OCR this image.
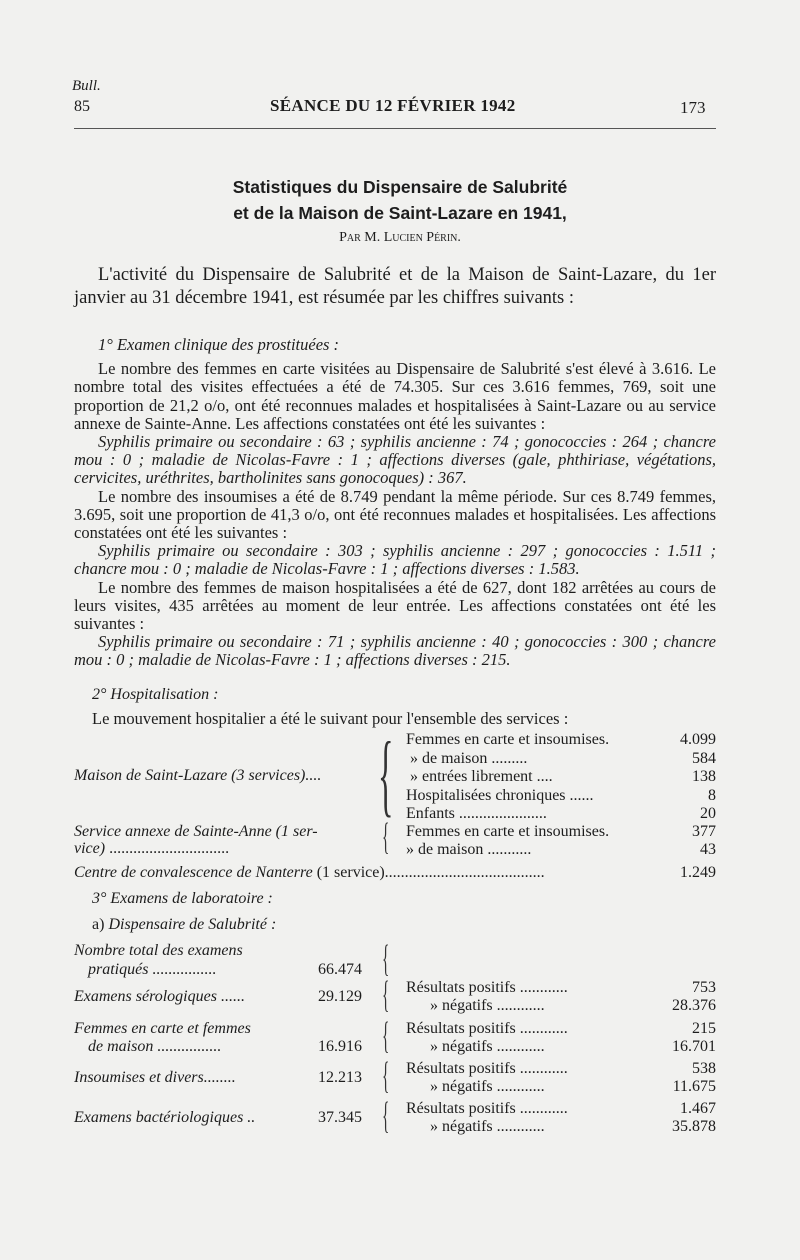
Bull.
85	SÉANCE DU 12 FÉVRIER 1942	173
Statistiques du Dispensaire de Salubrité
et de la Maison de Saint-Lazare en 1941,
Par M. Lucien Périn.
L'activité du Dispensaire de Salubrité et de la Maison de Saint-Lazare, du 1er janvier au 31 décembre 1941, est résumée par les chiffres suivants :
1° Examen clinique des prostituées :
Le nombre des femmes en carte visitées au Dispensaire de Salubrité s'est élevé à 3.616. Le nombre total des visites effectuées a été de 74.305. Sur ces 3.616 femmes, 769, soit une proportion de 21,2 o/o, ont été reconnues malades et hospitalisées à Saint-Lazare ou au service annexe de Sainte-Anne. Les affections constatées ont été les suivantes :
Syphilis primaire ou secondaire : 63 ; syphilis ancienne : 74 ; gonococcies : 264 ; chancre mou : 0 ; maladie de Nicolas-Favre : 1 ; affections diverses (gale, phthiriase, végétations, cervicites, uréthrites, bartholinites sans gonocoques) : 367.
Le nombre des insoumises a été de 8.749 pendant la même période. Sur ces 8.749 femmes, 3.695, soit une proportion de 41,3 o/o, ont été reconnues malades et hospitalisées. Les affections constatées ont été les suivantes :
Syphilis primaire ou secondaire : 303 ; syphilis ancienne : 297 ; gonococcies : 1.511 ; chancre mou : 0 ; maladie de Nicolas-Favre : 1 ; affections diverses : 1.583.
Le nombre des femmes de maison hospitalisées a été de 627, dont 182 arrêtées au cours de leurs visites, 435 arrêtées au moment de leur entrée. Les affections constatées ont été les suivantes :
Syphilis primaire ou secondaire : 71 ; syphilis ancienne : 40 ; gonococcies : 300 ; chancre mou : 0 ; maladie de Nicolas-Favre : 1 ; affections diverses : 215.
2° Hospitalisation :
Le mouvement hospitalier a été le suivant pour l'ensemble des services :
Maison de Saint-Lazare (3 services).... { Femmes en carte et insoumises.	4.099
» de maison .........	584
» entrées librement ....	138
Hospitalisées chroniques ......	8
Enfants ......................	20
Service annexe de Sainte-Anne (1 ser-
vice) ..............................	{ Femmes en carte et insoumises.	377
» de maison ...........	43
Centre de convalescence de Nanterre (1 service)........................................	1.249
3° Examens de laboratoire :
a) Dispensaire de Salubrité :
Nombre total des examens
pratiqués ................	66.474 {
Examens sérologiques ......	29.129 { Résultats positifs ............	753
» négatifs ............	28.376
Femmes en carte et femmes
de maison ................	16.916 { Résultats positifs ............	215
» négatifs ............	16.701
Insoumises et divers........	12.213 { Résultats positifs ............	538
» négatifs ............	11.675
Examens bactériologiques ..	37.345 { Résultats positifs ............	1.467
» négatifs ............	35.878
